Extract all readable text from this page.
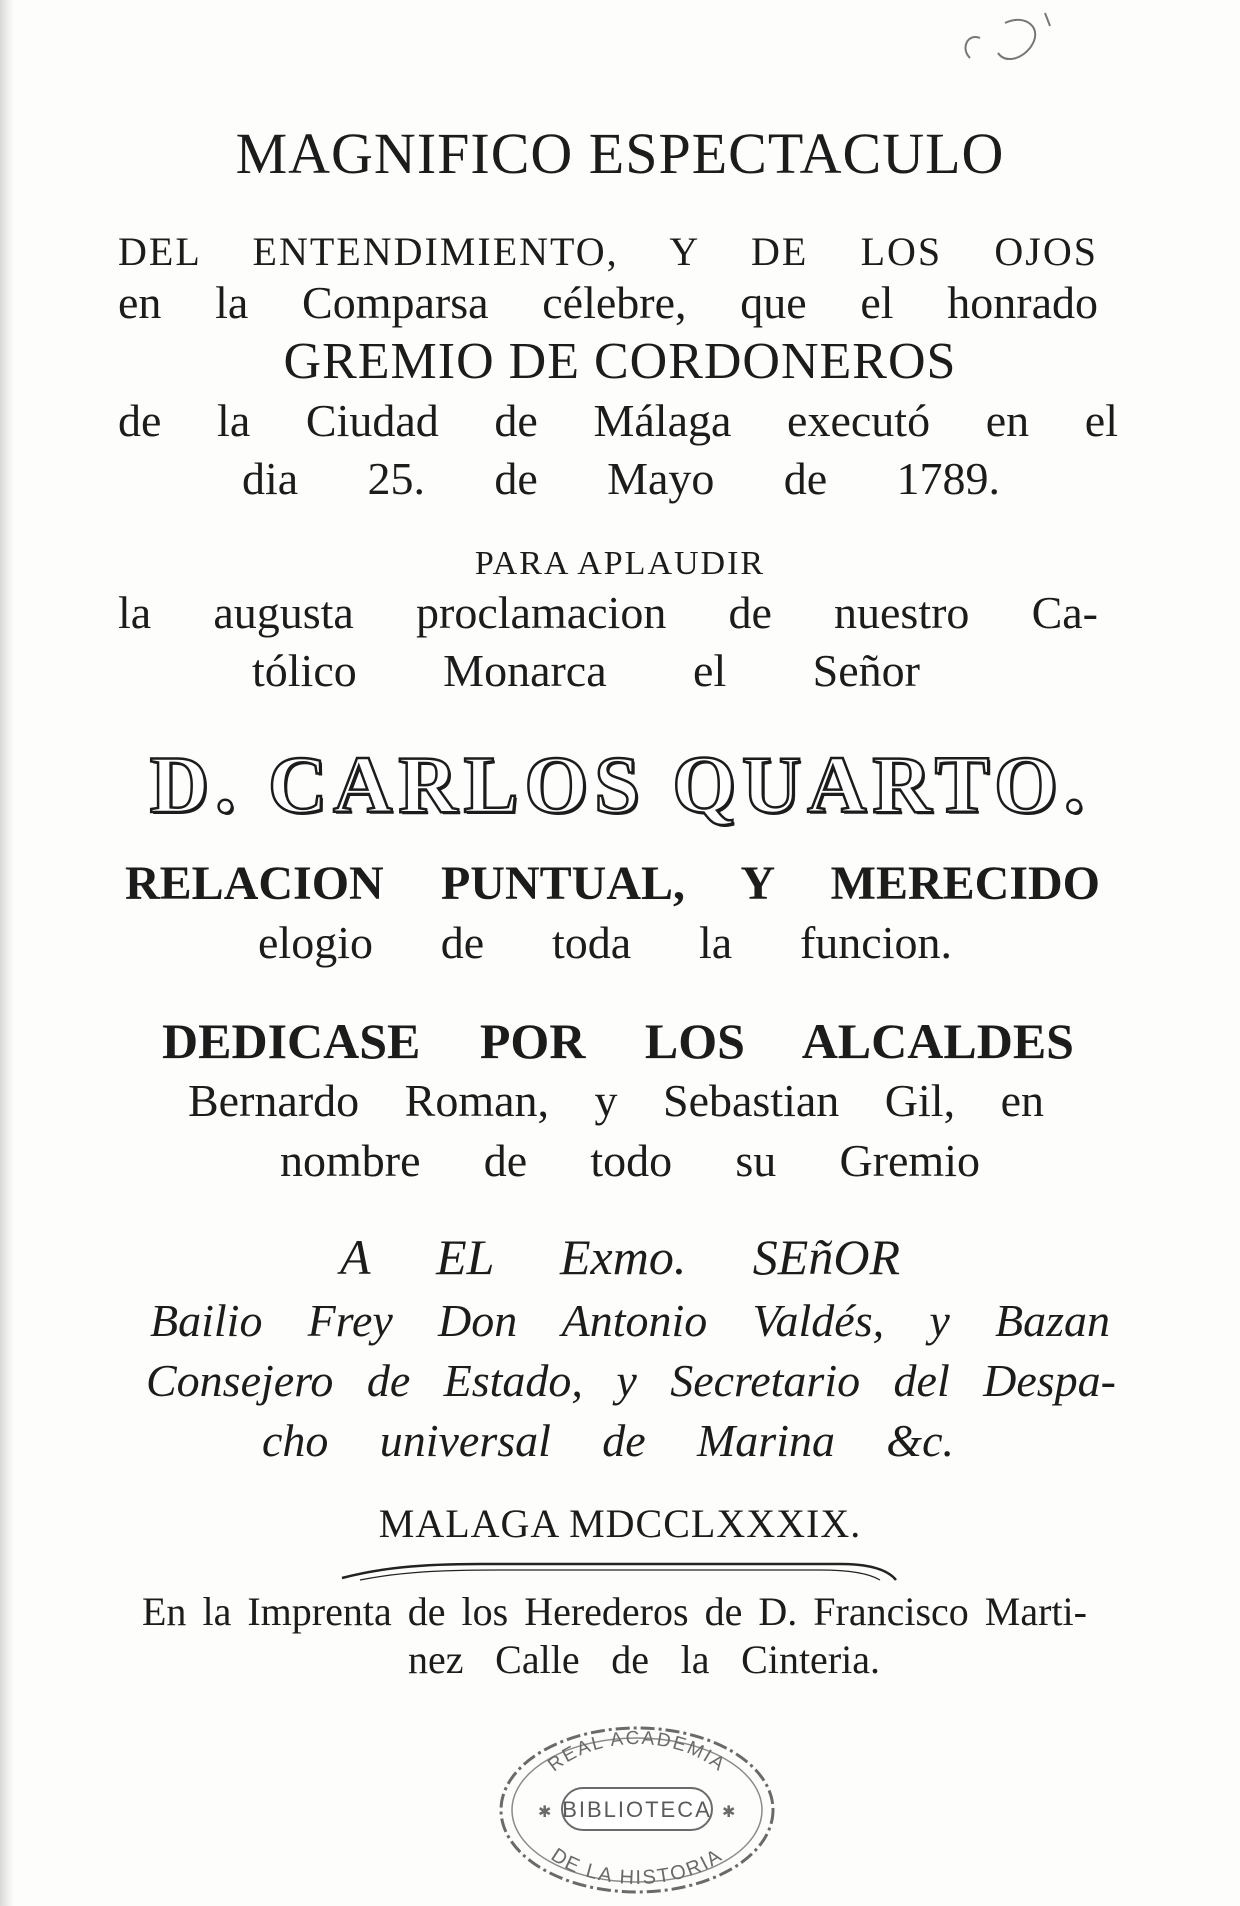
MAGNIFICO ESPECTACULO
DEL ENTENDIMIENTO, Y DE LOS OJOS
en la Comparsa célebre, que el honrado
GREMIO DE CORDONEROS
de la Ciudad de Málaga executó en el
dia 25. de Mayo de 1789.
PARA APLAUDIR
la augusta proclamacion de nuestro Ca-
tólico Monarca el Señor
D. CARLOS QUARTO.
RELACION PUNTUAL, Y MERECIDO
elogio de toda la funcion.
DEDICASE POR LOS ALCALDES
Bernardo Roman, y Sebastian Gil, en
nombre de todo su Gremio
A EL Exmo. SEñOR
Bailio Frey Don Antonio Valdés, y Bazan
Consejero de Estado, y Secretario del Despa-
cho universal de Marina &c.
MALAGA MDCCLXXXIX.
En la Imprenta de los Herederos de D. Francisco Marti-
nez Calle de la Cinteria.
REAL ACADEMIA
BIBLIOTECA
DE LA HISTORIA
✱	✱
